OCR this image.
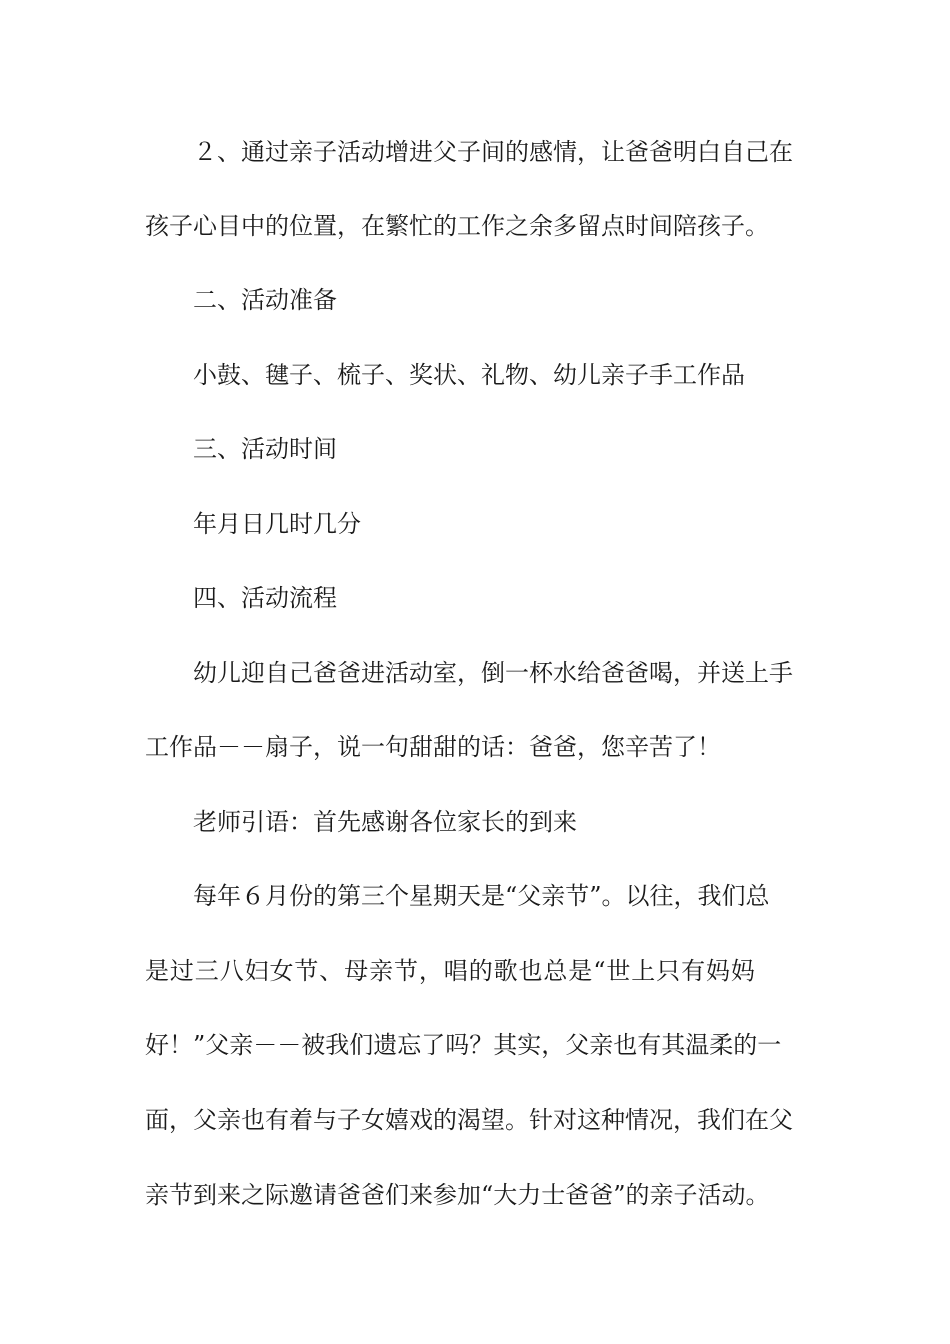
２、通过亲子活动增进父子间的感情，让爸爸明白自己在

孩子心目中的位置，在繁忙的工作之余多留点时间陪孩子。

二、活动准备

小鼓、毽子、梳子、奖状、礼物、幼儿亲子手工作品

三、活动时间

年月日几时几分

四、活动流程

幼儿迎自己爸爸进活动室，倒一杯水给爸爸喝，并送上手

工作品－－扇子，说一句甜甜的话：爸爸，您辛苦了！

老师引语：首先感谢各位家长的到来

每年６月份的第三个星期天是“父亲节”。以往，我们总

是过三八妇女节、母亲节，唱的歌也总是“世上只有妈妈

好！”父亲－－被我们遗忘了吗？其实，父亲也有其温柔的一

面，父亲也有着与子女嬉戏的渴望。针对这种情况，我们在父

亲节到来之际邀请爸爸们来参加“大力士爸爸”的亲子活动。
